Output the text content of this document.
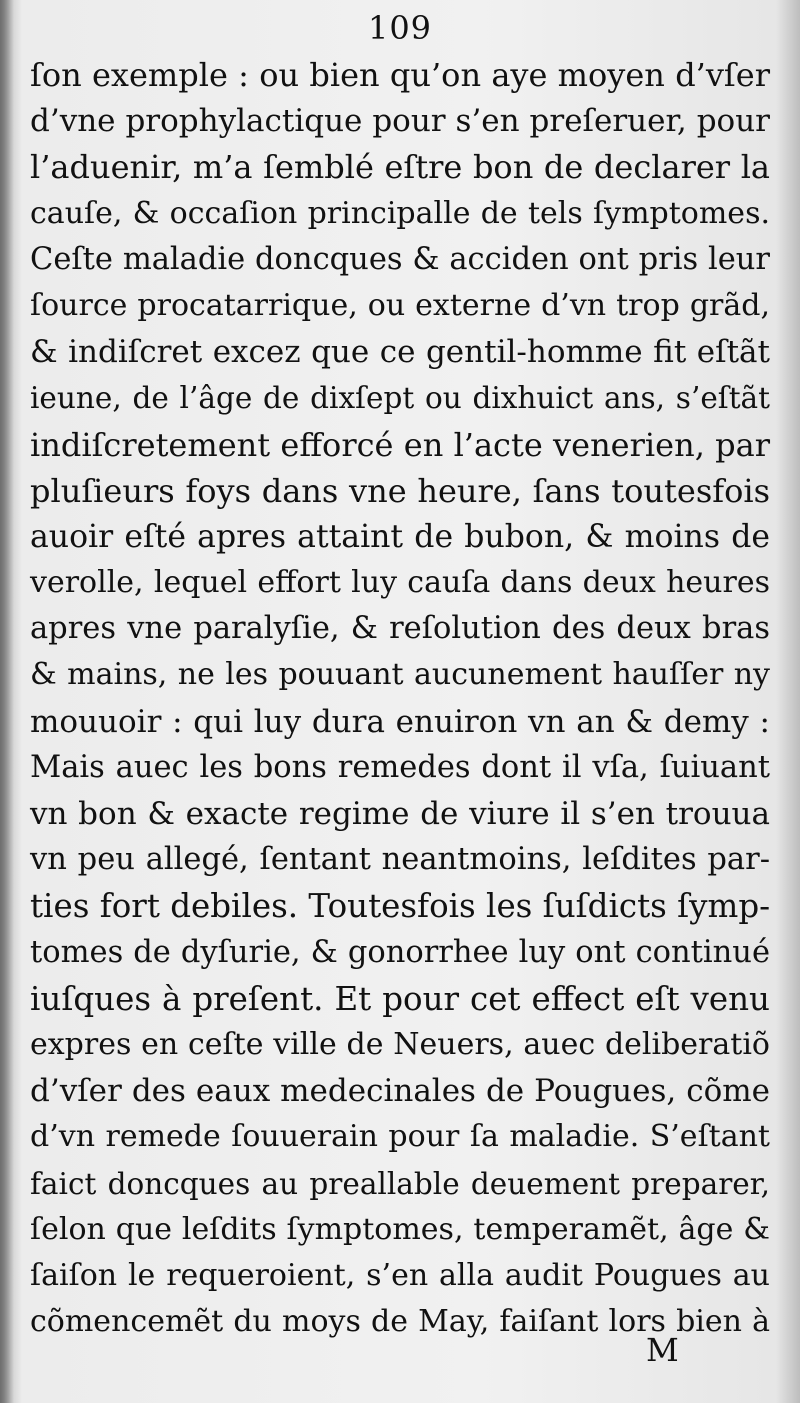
109
ſon exemple : ou bien qu’on aye moyen d’vſer
d’vne prophylactique pour s’en preſeruer, pour
l’aduenir, m’a ſemblé eſtre bon de declarer la
cauſe, & occaſion principalle de tels ſymptomes.
Ceſte maladie doncques & acciden ont pris leur
ſource procatarrique, ou externe d’vn trop grãd,
& indiſcret excez que ce gentil-homme fit eſtãt
ieune, de l’âge de dixſept ou dixhuict ans, s’eſtãt
indiſcretement efforcé en l’acte venerien, par
pluſieurs foys dans vne heure, ſans toutesfois
auoir eſté apres attaint de bubon, & moins de
verolle, lequel effort luy cauſa dans deux heures
apres vne paralyſie, & reſolution des deux bras
& mains, ne les pouuant aucunement hauſſer ny
mouuoir : qui luy dura enuiron vn an & demy :
Mais auec les bons remedes dont il vſa, ſuiuant
vn bon & exacte regime de viure il s’en trouua
vn peu allegé, ſentant neantmoins, leſdites par-
ties fort debiles. Toutesfois les ſuſdicts ſymp-
tomes de dyſurie, & gonorrhee luy ont continué
iuſques à preſent. Et pour cet effect eſt venu
expres en ceſte ville de Neuers, auec deliberatiõ
d’vſer des eaux medecinales de Pougues, cõme
d’vn remede ſouuerain pour ſa maladie. S’eſtant
faict doncques au preallable deuement preparer,
ſelon que leſdits ſymptomes, temperamẽt, âge &
ſaiſon le requeroient, s’en alla audit Pougues au
cõmencemẽt du moys de May, faiſant lors bien à
M
